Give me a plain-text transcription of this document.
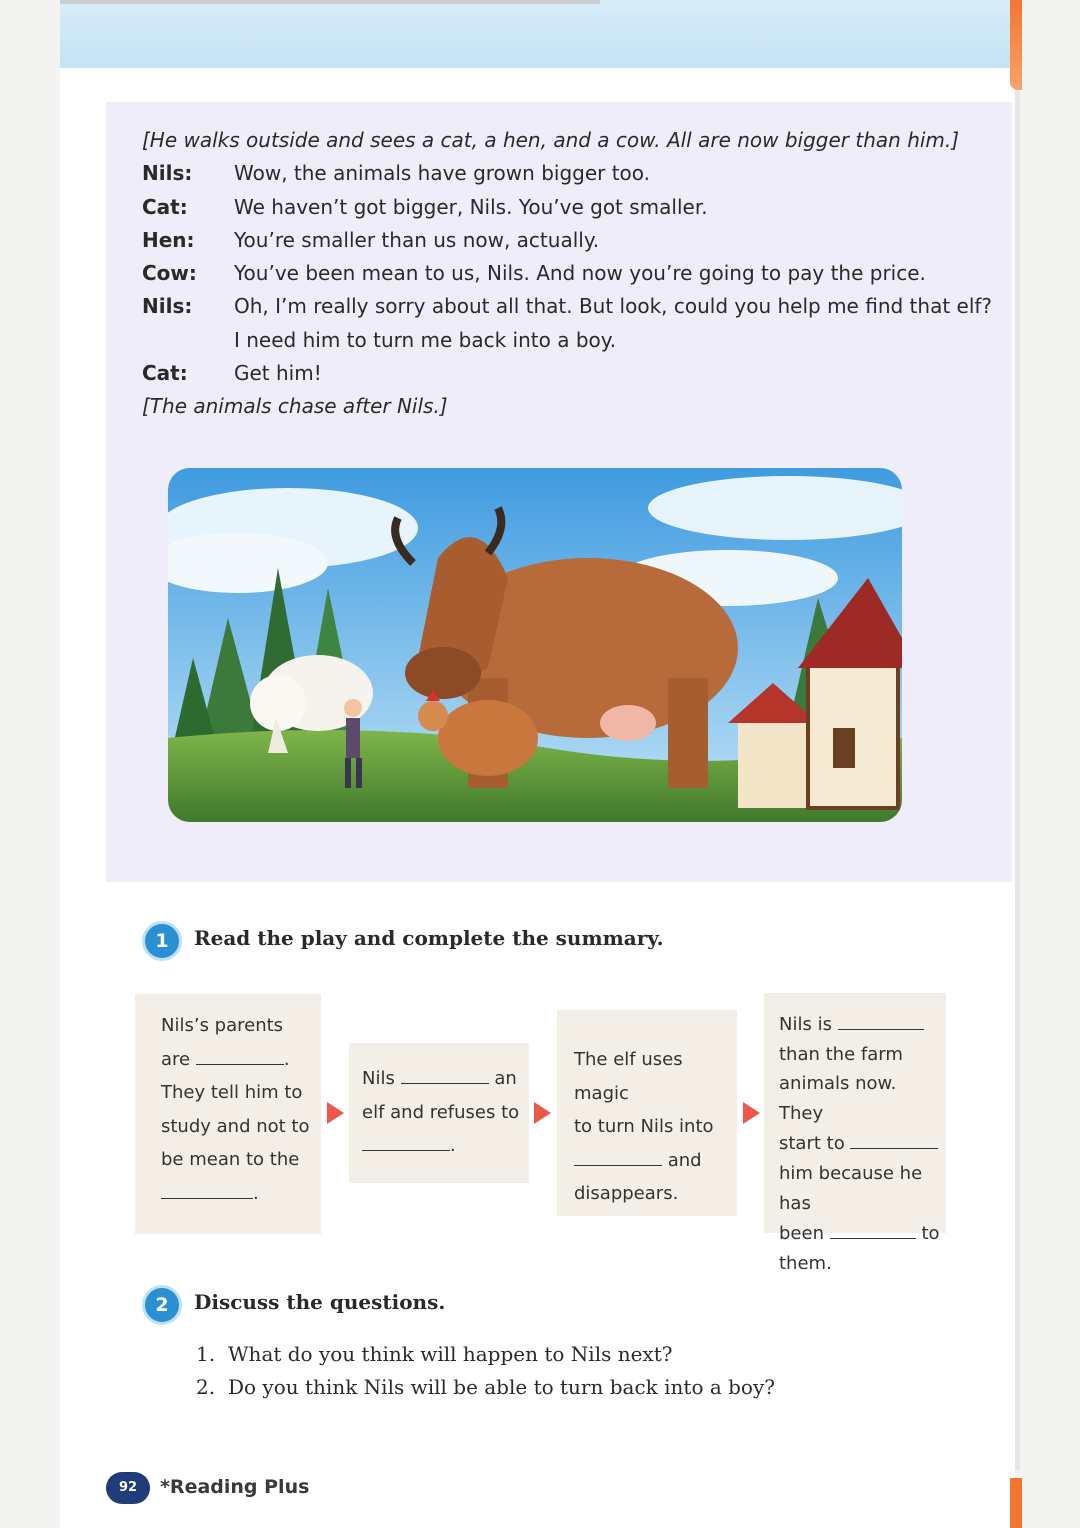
[He walks outside and sees a cat, a hen, and a cow. All are now bigger than him.]
Nils: Wow, the animals have grown bigger too.
Cat: We haven’t got bigger, Nils. You’ve got smaller.
Hen: You’re smaller than us now, actually.
Cow: You’ve been mean to us, Nils. And now you’re going to pay the price.
Nils: Oh, I’m really sorry about all that. But look, could you help me find that elf?
I need him to turn me back into a boy.
Cat: Get him!
[The animals chase after Nils.]
1	Read the play and complete the summary.
Nils’s parents
are	.
They tell him to
study and not to
be mean to the
.
Nils	an
elf and refuses to
.
The elf uses magic
to turn Nils into
and
disappears.
Nils is
than the farm
animals now. They
start to
him because he has
been	to
them.
2	Discuss the questions.
1. What do you think will happen to Nils next?
2. Do you think Nils will be able to turn back into a boy?
92	*Reading Plus
